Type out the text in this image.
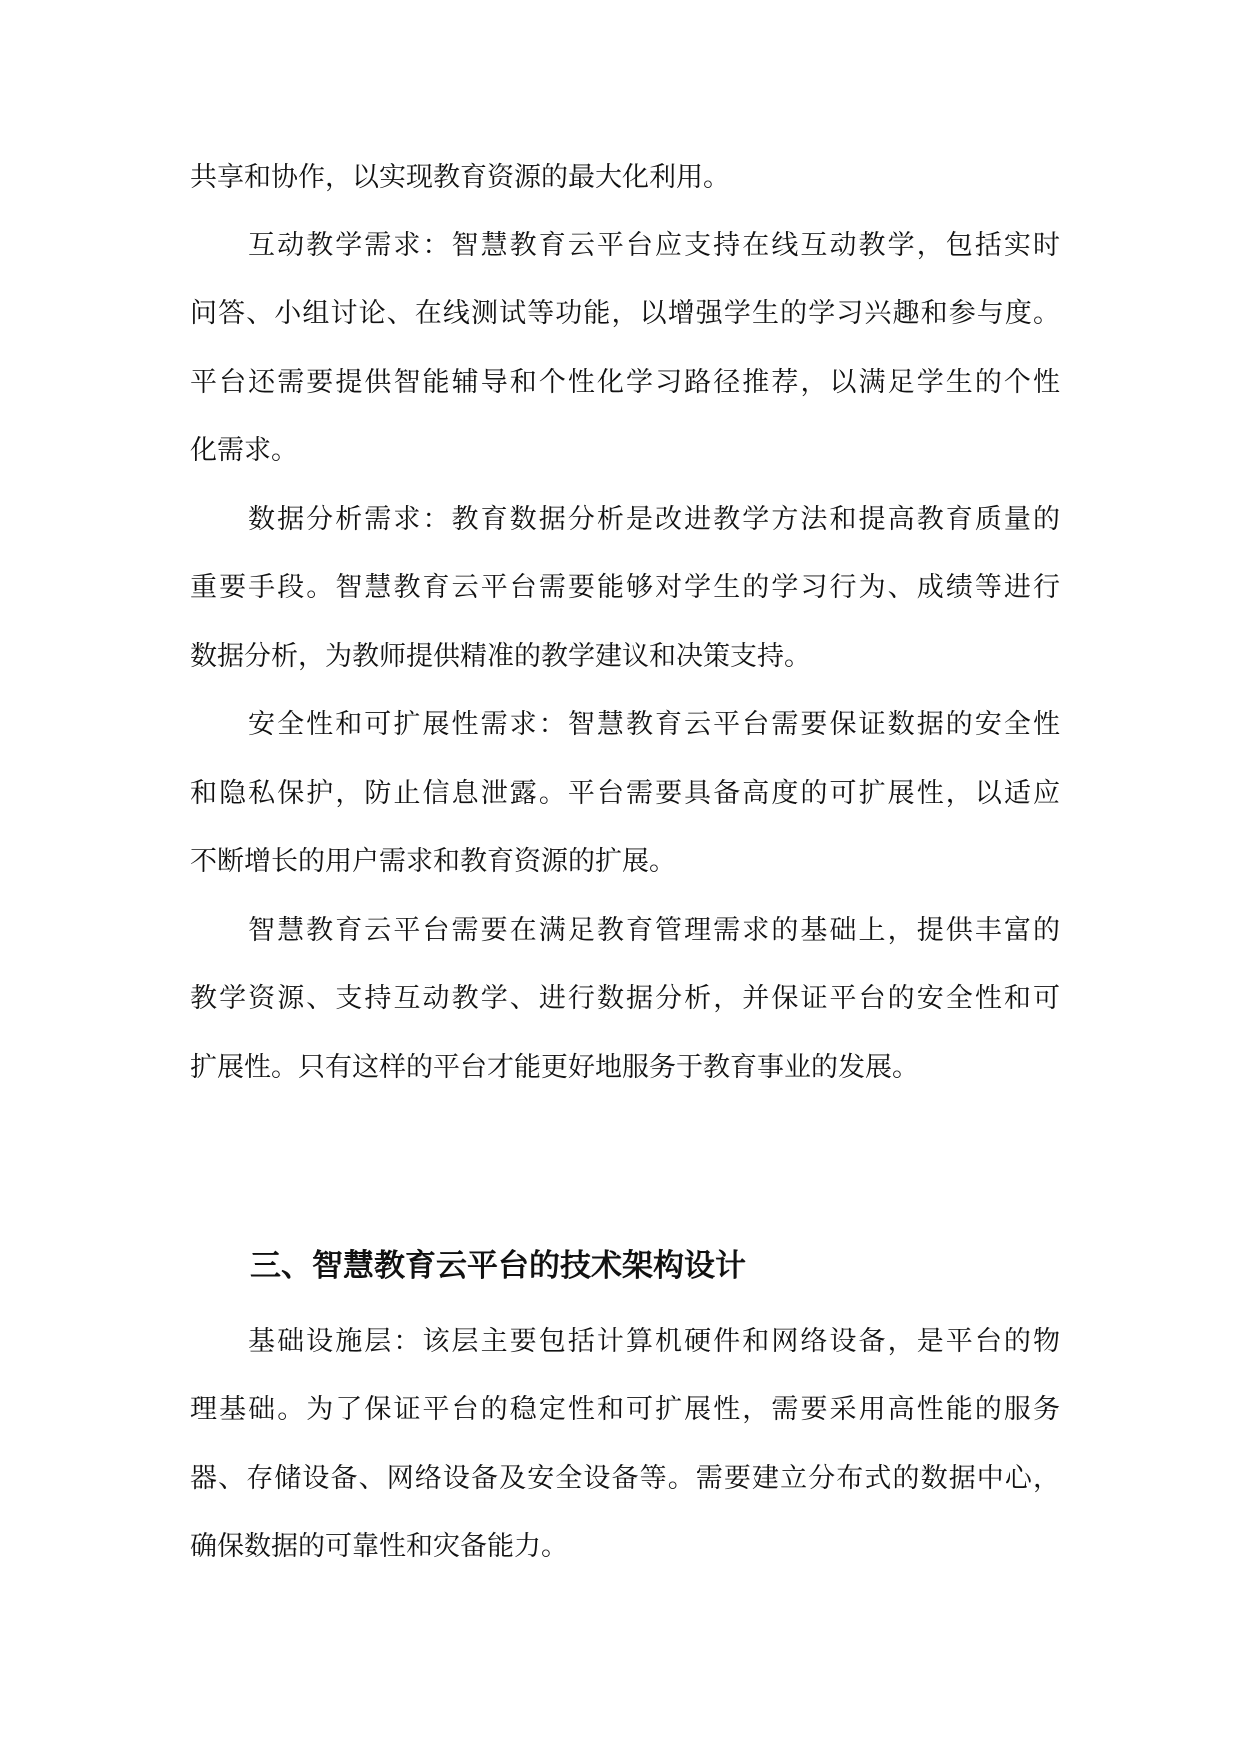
共享和协作，以实现教育资源的最大化利用。

互动教学需求：智慧教育云平台应支持在线互动教学，包括实时

问答、小组讨论、在线测试等功能，以增强学生的学习兴趣和参与度。

平台还需要提供智能辅导和个性化学习路径推荐，以满足学生的个性

化需求。

数据分析需求：教育数据分析是改进教学方法和提高教育质量的

重要手段。智慧教育云平台需要能够对学生的学习行为、成绩等进行

数据分析，为教师提供精准的教学建议和决策支持。

安全性和可扩展性需求：智慧教育云平台需要保证数据的安全性

和隐私保护，防止信息泄露。平台需要具备高度的可扩展性，以适应

不断增长的用户需求和教育资源的扩展。

智慧教育云平台需要在满足教育管理需求的基础上，提供丰富的

教学资源、支持互动教学、进行数据分析，并保证平台的安全性和可

扩展性。只有这样的平台才能更好地服务于教育事业的发展。

三、智慧教育云平台的技术架构设计

基础设施层：该层主要包括计算机硬件和网络设备，是平台的物

理基础。为了保证平台的稳定性和可扩展性，需要采用高性能的服务

器、存储设备、网络设备及安全设备等。需要建立分布式的数据中心，

确保数据的可靠性和灾备能力。
